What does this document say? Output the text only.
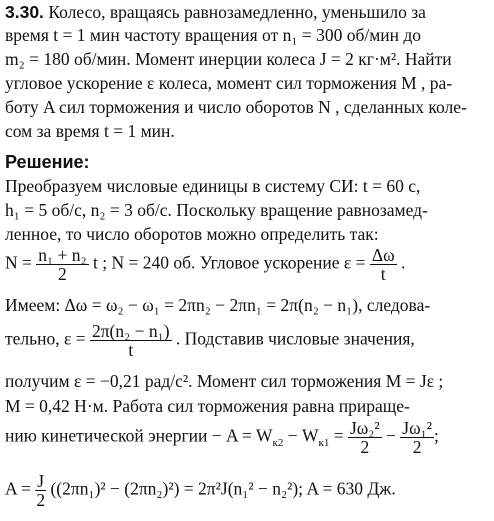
3.30. Колесо, вращаясь равнозамедленно, уменьшило за
время t = 1 мин частоту вращения от n₁ = 300 об/мин до
m₂ = 180 об/мин. Момент инерции колеса J = 2 кг·м². Найти
угловое ускорение ε колеса, момент сил торможения M , ра-
боту A сил торможения и число оборотов N , сделанных коле-
сом за время t = 1 мин.
Решение:
Преобразуем числовые единицы в систему СИ: t = 60 с,
h₁ = 5 об/с, n₂ = 3 об/с. Поскольку вращение равнозамед-
ленное, то число оборотов можно определить так:
$N = \frac{\text{n₁ + n₂}}{2}$ t ; N = 240 об. Угловое ускорение $\varepsilon = \frac{\Delta\omega}{t}$ .
Имеем: Δω = ω₂ − ω₁ = 2πn₂ − 2πn₁ = 2π(n₂ − n₁), следова-
тельно, $\varepsilon = \frac{\text{2π(n₂ − n₁)}}{t}$ . Подставив числовые значения,
получим ε = −0,21 рад/с². Момент сил торможения M = Jε ;
M = 0,42 Н·м. Работа сил торможения равна прираще-
нию кинетической энергии − $A = W_{к2} - W_{к1} = \frac{\text{Jω₂²}}{2} - \frac{\text{Jω₁²}}{2}$ ;
$A = \frac{J}{2} ((2\pi n_1)^2 - (2\pi n_2)^2) = 2\pi^2J(n_1^2 - n_2^2)$; A = 630 Дж.
